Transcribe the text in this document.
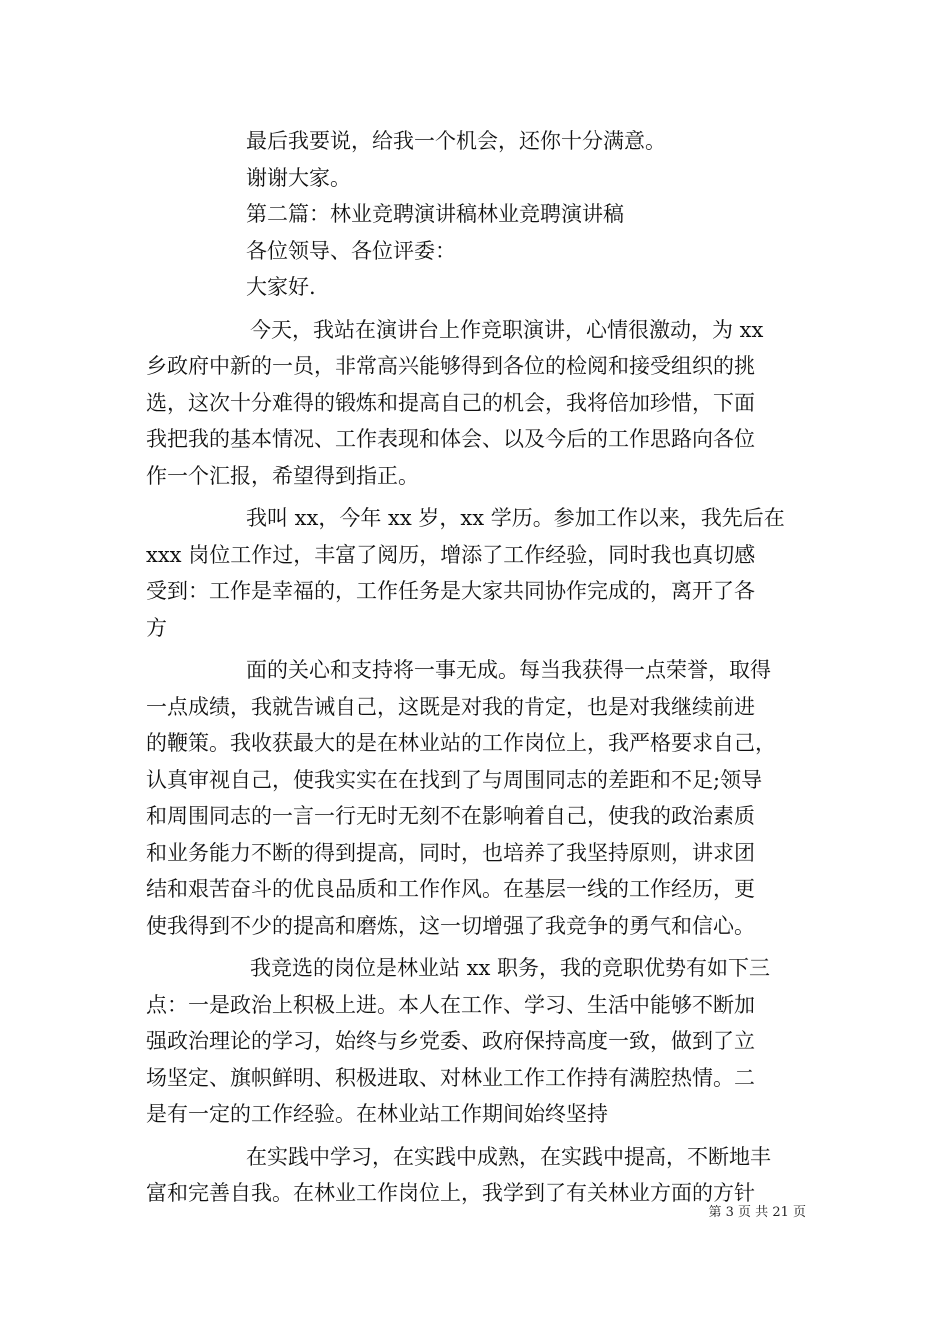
最后我要说，给我一个机会，还你十分满意。
谢谢大家。
第二篇：林业竞聘演讲稿林业竞聘演讲稿
各位领导、各位评委：
大家好.
今天，我站在演讲台上作竞职演讲，心情很激动，为 xx
乡政府中新的一员，非常高兴能够得到各位的检阅和接受组织的挑
选，这次十分难得的锻炼和提高自己的机会，我将倍加珍惜，下面
我把我的基本情况、工作表现和体会、以及今后的工作思路向各位
作一个汇报，希望得到指正。
我叫 xx，今年 xx 岁，xx 学历。参加工作以来，我先后在
xxx 岗位工作过，丰富了阅历，增添了工作经验，同时我也真切感
受到：工作是幸福的，工作任务是大家共同协作完成的，离开了各
方
面的关心和支持将一事无成。每当我获得一点荣誉，取得
一点成绩，我就告诫自己，这既是对我的肯定，也是对我继续前进
的鞭策。我收获最大的是在林业站的工作岗位上，我严格要求自己，
认真审视自己，使我实实在在找到了与周围同志的差距和不足;领导
和周围同志的一言一行无时无刻不在影响着自己，使我的政治素质
和业务能力不断的得到提高，同时，也培养了我坚持原则，讲求团
结和艰苦奋斗的优良品质和工作作风。在基层一线的工作经历，更
使我得到不少的提高和磨炼，这一切增强了我竞争的勇气和信心。
我竞选的岗位是林业站 xx 职务，我的竞职优势有如下三
点：一是政治上积极上进。本人在工作、学习、生活中能够不断加
强政治理论的学习，始终与乡党委、政府保持高度一致，做到了立
场坚定、旗帜鲜明、积极进取、对林业工作工作持有满腔热情。二
是有一定的工作经验。在林业站工作期间始终坚持
在实践中学习，在实践中成熟，在实践中提高，不断地丰
富和完善自我。在林业工作岗位上，我学到了有关林业方面的方针
第 3 页 共 21 页
